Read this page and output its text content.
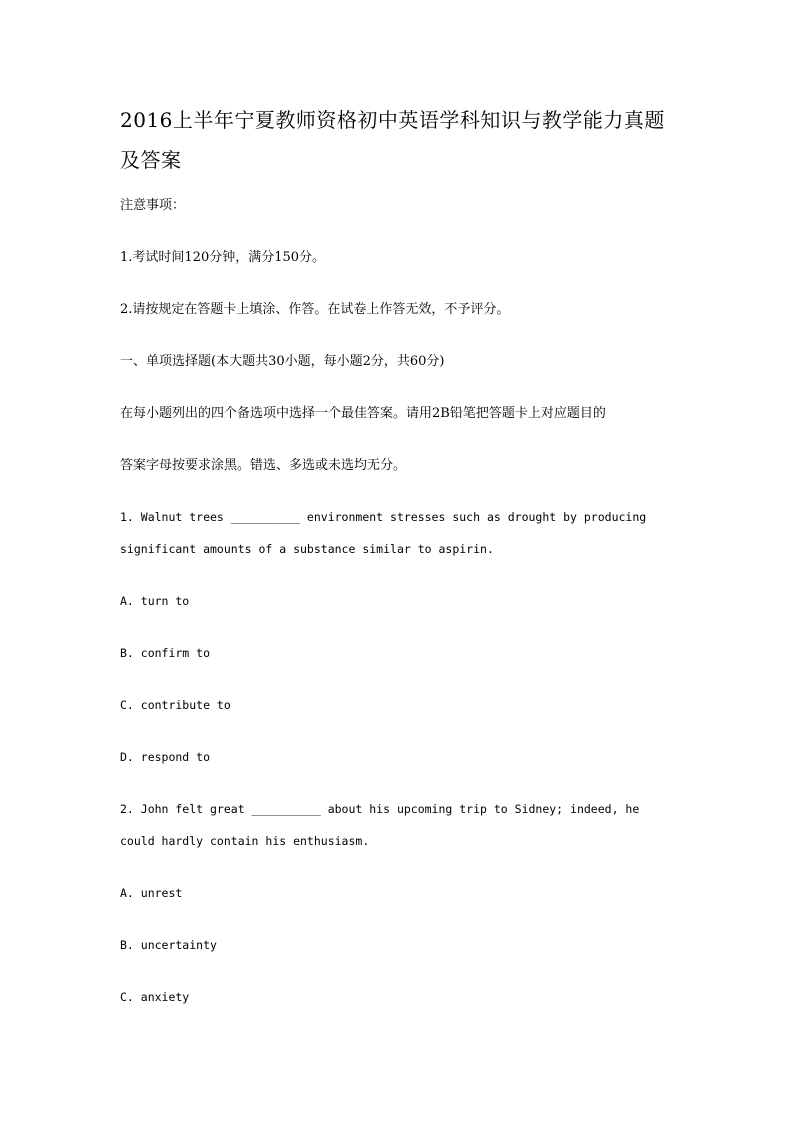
2016上半年宁夏教师资格初中英语学科知识与教学能力真题及答案

注意事项：

1.考试时间120分钟，满分150分。

2.请按规定在答题卡上填涂、作答。在试卷上作答无效，不予评分。

一、单项选择题(本大题共30小题，每小题2分，共60分)

在每小题列出的四个备选项中选择一个最佳答案。请用2B铅笔把答题卡上对应题目的

答案字母按要求涂黑。错选、多选或未选均无分。

1. Walnut trees __________ environment stresses such as drought by producing

significant amounts of a substance similar to aspirin.

A. turn to

B. confirm to

C. contribute to

D. respond to

2. John felt great __________ about his upcoming trip to Sidney; indeed, he

could hardly contain his enthusiasm.

A. unrest

B. uncertainty

C. anxiety
